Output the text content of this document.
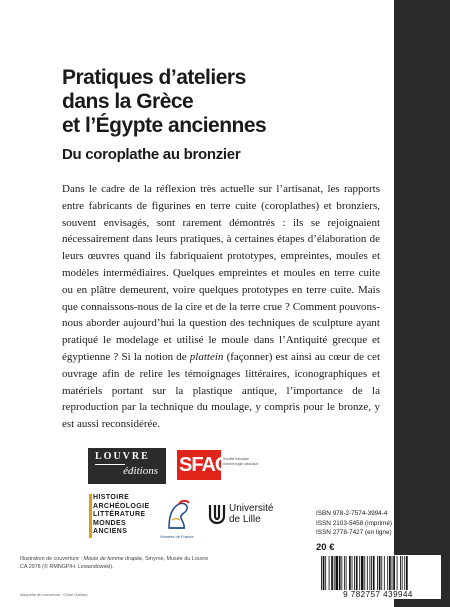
Pratiques d’ateliers
dans la Grèce
et l’Égypte anciennes
Du coroplathe au bronzier

Dans le cadre de la réflexion très actuelle sur l’artisanat, les rapports entre fabricants de figurines en terre cuite (coroplathes) et bronziers, souvent envisagés, sont rarement démontrés : ils se rejoignaient nécessairement dans leurs pratiques, à certaines étapes d’élaboration de leurs œuvres quand ils fabriquaient prototypes, empreintes, moules et modèles intermédiaires. Quelques empreintes et moules en terre cuite ou en plâtre demeurent, voire quelques prototypes en terre cuite. Mais que connaissons-nous de la cire et de la terre crue ? Comment pouvons-nous aborder aujourd’hui la question des techniques de sculpture ayant pratiqué le modelage et utilisé le moule dans l’Antiquité grecque et égyptienne ? Si la notion de plattein (façonner) est ainsi au cœur de cet ouvrage afin de relire les témoignages littéraires, iconographiques et matériels portant sur la plastique antique, l’importance de la reproduction par la technique du moulage, y compris pour le bronze, y est aussi reconsidérée.

LOUVRE
éditions SFAC
Société française d’archéologie classique
HISTOIRE
ARCHÉOLOGIE
LITTÉRATURE
MONDES
ANCIENS
Musées de France
Université
de Lille
Illustration de couverture : Moule de femme drapée, Smyrne, Musée du Louvre CA 2978 (© RMNGP/H. Lewandowski).
Maquette de couverture : Chloé Gaillard
ISBN 978-2-7574-3994-4
ISSN 2103-5458 (imprimé)
ISSN 2778-7427 (en ligne)
20 €
9 782757 439944
